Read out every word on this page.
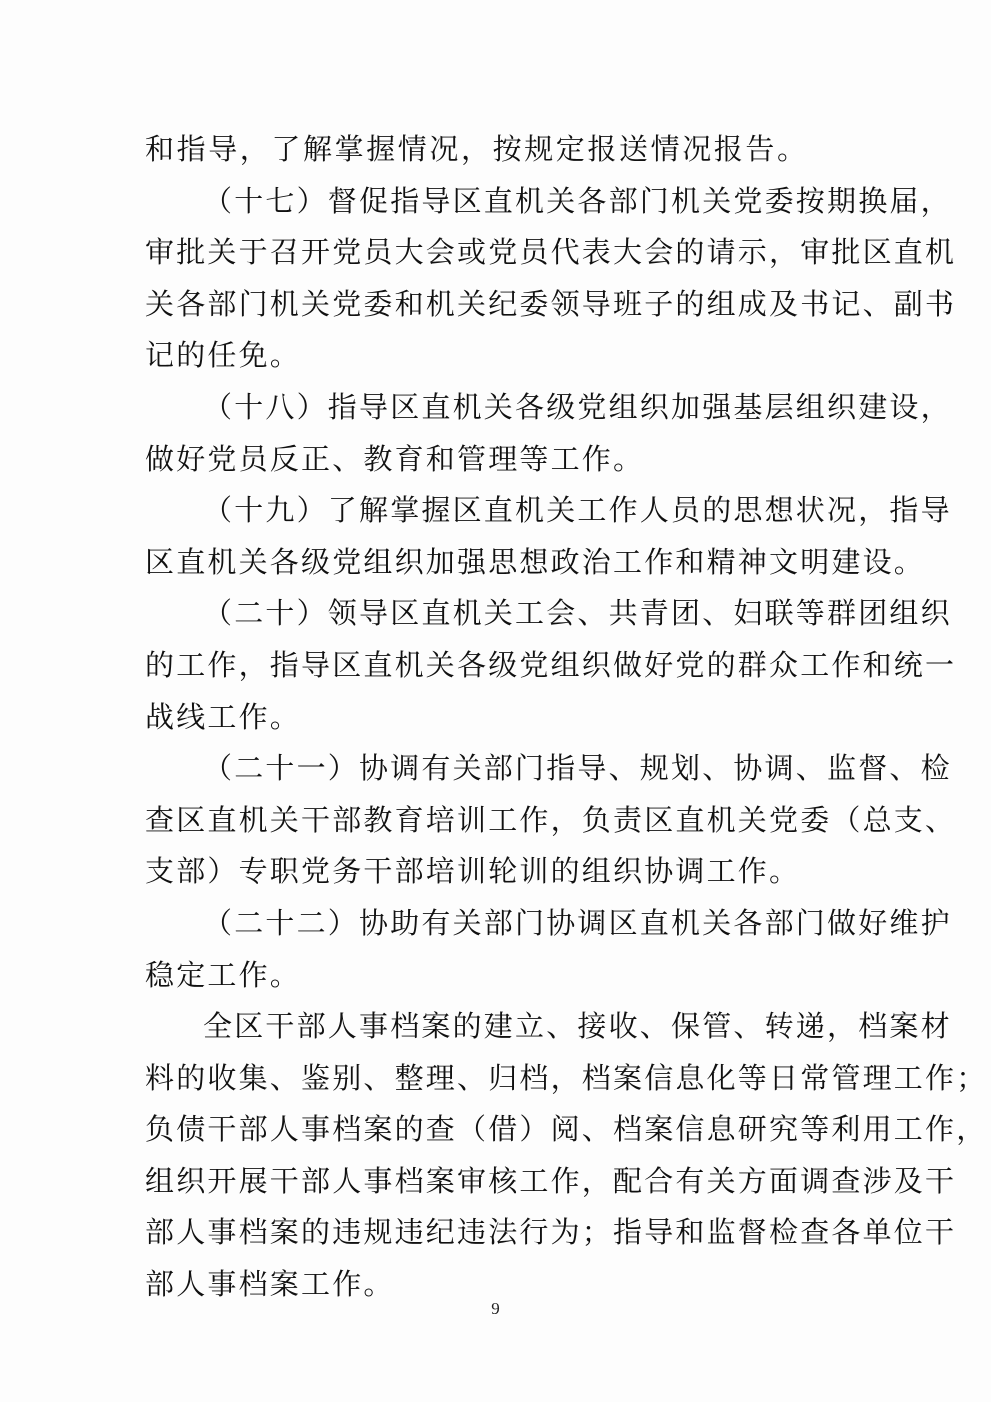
和指导，了解掌握情况，按规定报送情况报告。
（十七）督促指导区直机关各部门机关党委按期换届，
审批关于召开党员大会或党员代表大会的请示，审批区直机
关各部门机关党委和机关纪委领导班子的组成及书记、副书
记的任免。
（十八）指导区直机关各级党组织加强基层组织建设，
做好党员反正、教育和管理等工作。
（十九）了解掌握区直机关工作人员的思想状况，指导
区直机关各级党组织加强思想政治工作和精神文明建设。
（二十）领导区直机关工会、共青团、妇联等群团组织
的工作，指导区直机关各级党组织做好党的群众工作和统一
战线工作。
（二十一）协调有关部门指导、规划、协调、监督、检
查区直机关干部教育培训工作，负责区直机关党委（总支、
支部）专职党务干部培训轮训的组织协调工作。
（二十二）协助有关部门协调区直机关各部门做好维护
稳定工作。
全区干部人事档案的建立、接收、保管、转递，档案材
料的收集、鉴别、整理、归档，档案信息化等日常管理工作；
负债干部人事档案的查（借）阅、档案信息研究等利用工作，
组织开展干部人事档案审核工作，配合有关方面调查涉及干
部人事档案的违规违纪违法行为；指导和监督检查各单位干
部人事档案工作。
9
